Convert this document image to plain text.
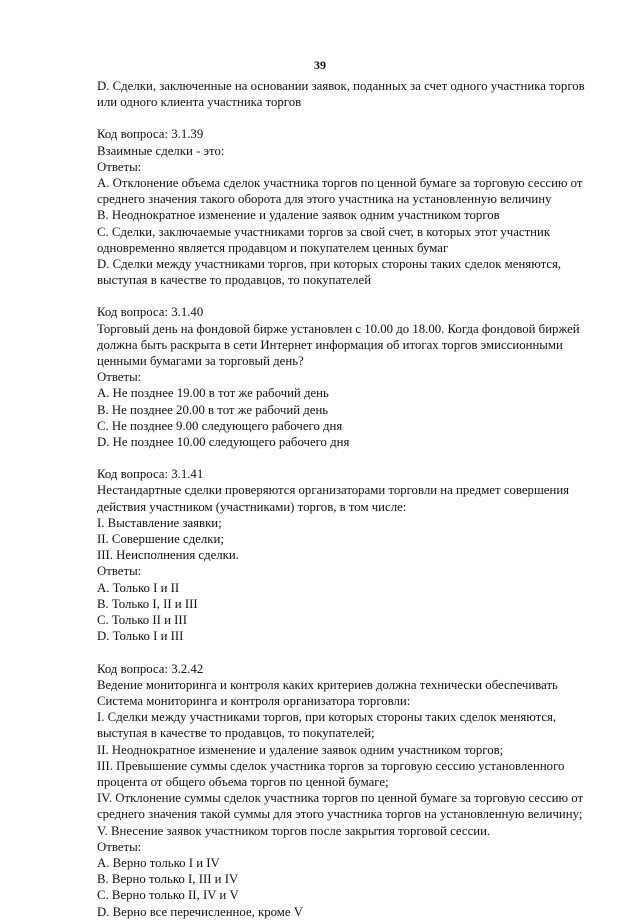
39
D. Сделки, заключенные на основании заявок, поданных за счет одного участника торгов
или одного клиента участника торгов
Код вопроса: 3.1.39
Взаимные сделки - это:
Ответы:
A. Отклонение объема сделок участника торгов по ценной бумаге за торговую сессию от
среднего значения такого оборота для этого участника на установленную величину
B. Неоднократное изменение и удаление заявок одним участником торгов
C. Сделки, заключаемые участниками торгов за свой счет, в которых этот участник
одновременно является продавцом и покупателем ценных бумаг
D. Сделки между участниками торгов, при которых стороны таких сделок меняются,
выступая в качестве то продавцов, то покупателей
Код вопроса: 3.1.40
Торговый день на фондовой бирже установлен с 10.00 до 18.00. Когда фондовой биржей
должна быть раскрыта в сети Интернет информация об итогах торгов эмиссионными
ценными бумагами за торговый день?
Ответы:
A. Не позднее 19.00 в тот же рабочий день
B. Не позднее 20.00 в тот же рабочий день
C. Не позднее 9.00 следующего рабочего дня
D. Не позднее 10.00 следующего рабочего дня
Код вопроса: 3.1.41
Нестандартные сделки проверяются организаторами торговли на предмет совершения
действия участником (участниками) торгов, в том числе:
I. Выставление заявки;
II. Совершение сделки;
III. Неисполнения сделки.
Ответы:
A. Только I и II
B. Только I, II и III
C. Только II и III
D. Только I и III
Код вопроса: 3.2.42
Ведение мониторинга и контроля каких критериев должна технически обеспечивать
Система мониторинга и контроля организатора торговли:
I. Сделки между участниками торгов, при которых стороны таких сделок меняются,
выступая в качестве то продавцов, то покупателей;
II. Неоднократное изменение и удаление заявок одним участником торгов;
III. Превышение суммы сделок участника торгов за торговую сессию установленного
процента от общего объема торгов по ценной бумаге;
IV. Отклонение суммы сделок участника торгов по ценной бумаге за торговую сессию от
среднего значения такой суммы для этого участника торгов на установленную величину;
V. Внесение заявок участником торгов после закрытия торговой сессии.
Ответы:
A. Верно только I и IV
B. Верно только I, III и IV
C. Верно только II, IV и V
D. Верно все перечисленное, кроме V
